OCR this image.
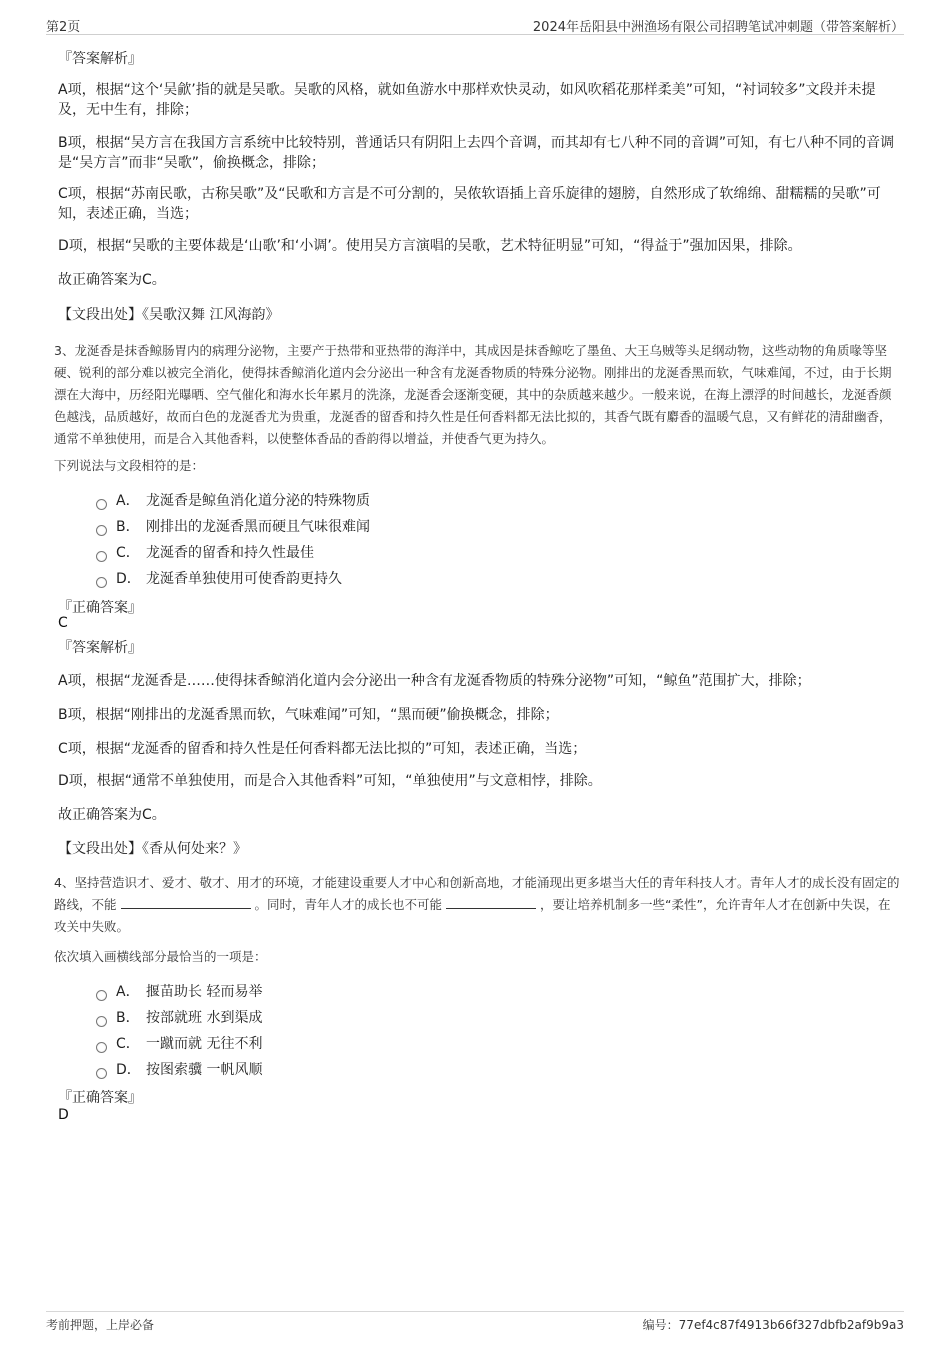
第2页	2024年岳阳县中洲渔场有限公司招聘笔试冲刺题（带答案解析）
『答案解析』
A项，根据“这个‘吴歈’指的就是吴歌。吴歌的风格，就如鱼游水中那样欢快灵动，如风吹稻花那样柔美”可知，“衬词较多”文段并未提及，无中生有，排除；
B项，根据“吴方言在我国方言系统中比较特别，普通话只有阴阳上去四个音调，而其却有七八种不同的音调”可知，有七八种不同的音调是“吴方言”而非“吴歌”，偷换概念，排除；
C项，根据“苏南民歌，古称吴歌”及“民歌和方言是不可分割的，吴侬软语插上音乐旋律的翅膀，自然形成了软绵绵、甜糯糯的吴歌”可知，表述正确，当选；
D项，根据“吴歌的主要体裁是‘山歌’和‘小调’。使用吴方言演唱的吴歌，艺术特征明显”可知，“得益于”强加因果，排除。
故正确答案为C。
【文段出处】《吴歌汉舞 江风海韵》
3、龙涎香是抹香鲸肠胃内的病理分泌物，主要产于热带和亚热带的海洋中，其成因是抹香鲸吃了墨鱼、大王乌贼等头足纲动物，这些动物的角质喙等坚硬、锐利的部分难以被完全消化，使得抹香鲸消化道内会分泌出一种含有龙涎香物质的特殊分泌物。刚排出的龙涎香黑而软，气味难闻，不过，由于长期漂在大海中，历经阳光曝晒、空气催化和海水长年累月的洗涤，龙涎香会逐渐变硬，其中的杂质越来越少。一般来说，在海上漂浮的时间越长，龙涎香颜色越浅，品质越好，故而白色的龙涎香尤为贵重，龙涎香的留香和持久性是任何香料都无法比拟的，其香气既有麝香的温暖气息，又有鲜花的清甜幽香，通常不单独使用，而是合入其他香料，以使整体香品的香韵得以增益，并使香气更为持久。
下列说法与文段相符的是：
A． 龙涎香是鲸鱼消化道分泌的特殊物质
B． 刚排出的龙涎香黑而硬且气味很难闻
C． 龙涎香的留香和持久性最佳
D． 龙涎香单独使用可使香韵更持久
『正确答案』
C
『答案解析』
A项，根据“龙涎香是……使得抹香鲸消化道内会分泌出一种含有龙涎香物质的特殊分泌物”可知，“鲸鱼”范围扩大，排除；
B项，根据“刚排出的龙涎香黑而软，气味难闻”可知，“黑而硬”偷换概念，排除；
C项，根据“龙涎香的留香和持久性是任何香料都无法比拟的”可知，表述正确，当选；
D项，根据“通常不单独使用，而是合入其他香料”可知，“单独使用”与文意相悖，排除。
故正确答案为C。
【文段出处】《香从何处来？》
4、坚持营造识才、爱才、敬才、用才的环境，才能建设重要人才中心和创新高地，才能涌现出更多堪当大任的青年科技人才。青年人才的成长没有固定的路线，不能	。同时，青年人才的成长也不可能	，要让培养机制多一些“柔性”，允许青年人才在创新中失误，在攻关中失败。
依次填入画横线部分最恰当的一项是：
A． 揠苗助长 轻而易举
B． 按部就班 水到渠成
C． 一蹴而就 无往不利
D． 按图索骥 一帆风顺
『正确答案』
D
考前押题，上岸必备	编号：77ef4c87f4913b66f327dbfb2af9b9a3
